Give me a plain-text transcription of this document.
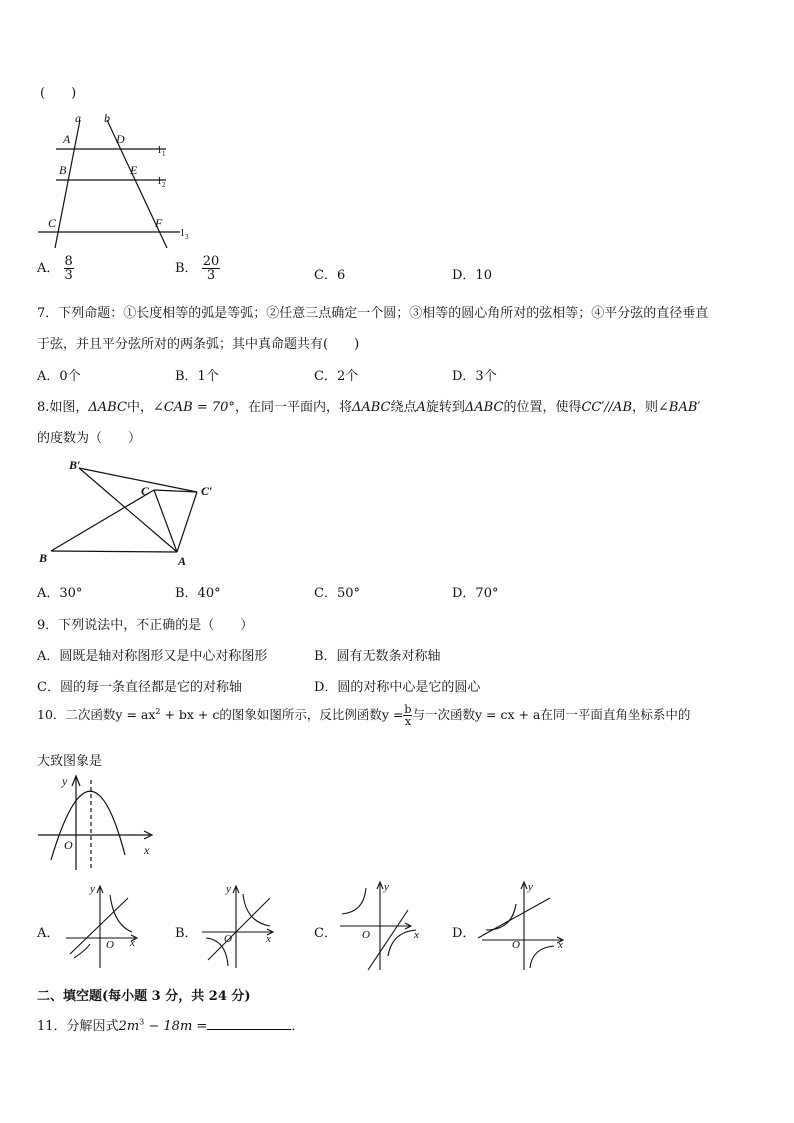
(　　)
a b
A	D
B	E
C	F
l 1
l 2
l 3
A． $\frac{8}{3}$	B． $\frac{20}{3}$	C．6	D．10
7．下列命题：①长度相等的弧是等弧；②任意三点确定一个圆；③相等的圆心角所对的弦相等；④平分弦的直径垂直
于弦，并且平分弦所对的两条弧；其中真命题共有(　　)
A．0个	B．1个	C．2个	D．3个
8.如图，ΔABC中，∠CAB = 70°，在同一平面内，将ΔABC绕点A旋转到ΔABC的位置，使得CC′//AB，则∠BAB′
的度数为（　　）
B′
C	C′
B	A
A．30°	B．40°	C．50°	D．70°
9．下列说法中，不正确的是（　　）
A．圆既是轴对称图形又是中心对称图形	B．圆有无数条对称轴
C．圆的每一条直径都是它的对称轴	D．圆的对称中心是它的圆心
10．二次函数$y = ax^2$ + bx + c的图象如图所示，反比例函数$y = \frac{b}{x}$ 与一次函数y = cx + a在同一平面直角坐标系中的
大致图象是
y
x
O
A．
y
x
O
B．
y
x
O	C．
y
x
O	D．
y
x
O
二、填空题(每小题 3 分，共 24 分)
11．分解因式$2m^3 - 18m$ =	．
